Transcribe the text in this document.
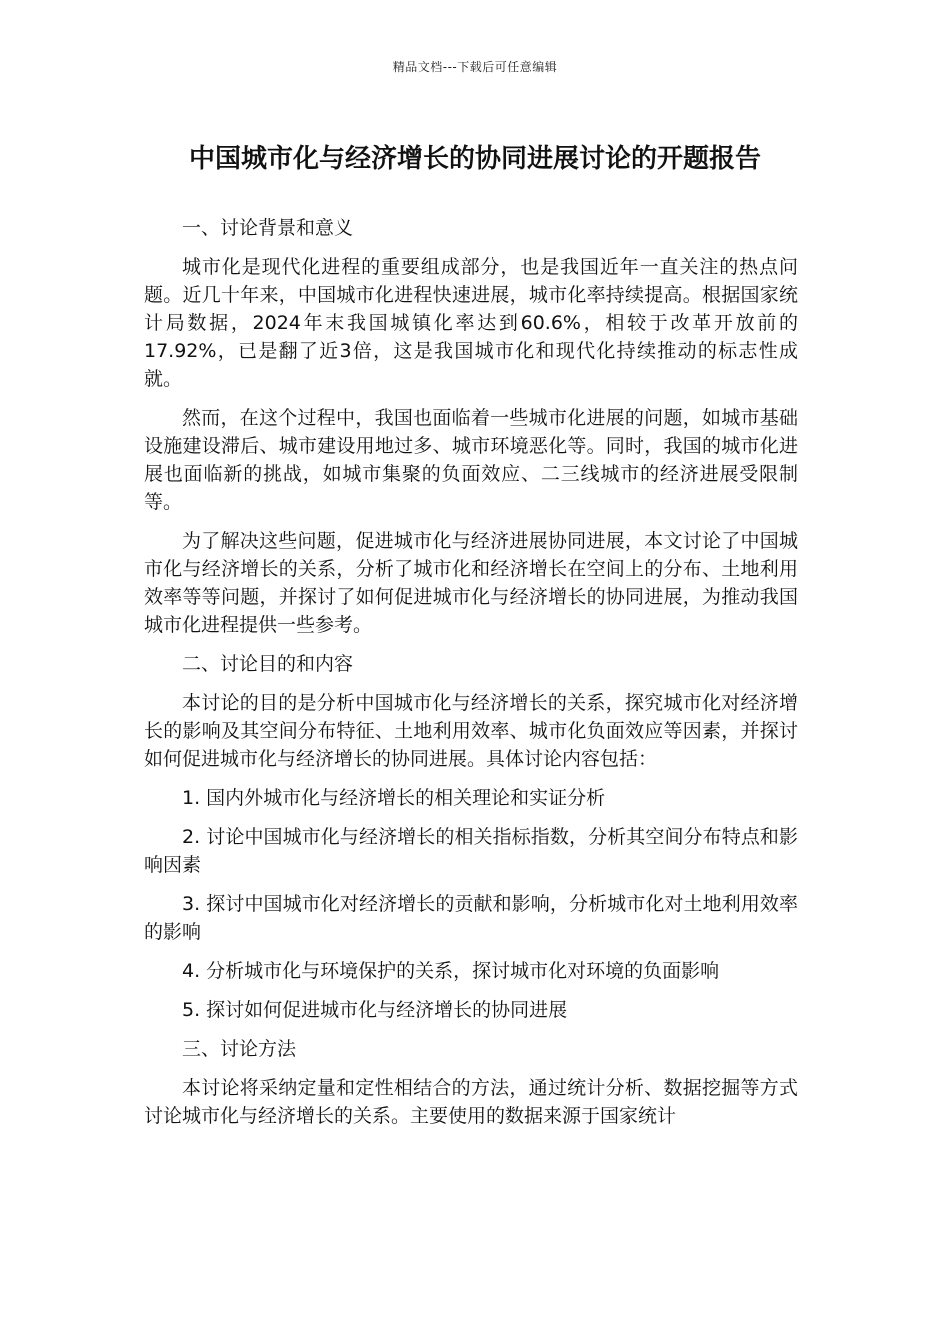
精品文档---下载后可任意编辑
中国城市化与经济增长的协同进展讨论的开题报告

一、讨论背景和意义

城市化是现代化进程的重要组成部分，也是我国近年一直关注的热点问题。近几十年来，中国城市化进程快速进展，城市化率持续提高。根据国家统计局数据，2024年末我国城镇化率达到60.6%，相较于改革开放前的17.92%，已是翻了近3倍，这是我国城市化和现代化持续推动的标志性成就。

然而，在这个过程中，我国也面临着一些城市化进展的问题，如城市基础设施建设滞后、城市建设用地过多、城市环境恶化等。同时，我国的城市化进展也面临新的挑战，如城市集聚的负面效应、二三线城市的经济进展受限制等。

为了解决这些问题，促进城市化与经济进展协同进展，本文讨论了中国城市化与经济增长的关系，分析了城市化和经济增长在空间上的分布、土地利用效率等等问题，并探讨了如何促进城市化与经济增长的协同进展，为推动我国城市化进程提供一些参考。

二、讨论目的和内容

本讨论的目的是分析中国城市化与经济增长的关系，探究城市化对经济增长的影响及其空间分布特征、土地利用效率、城市化负面效应等因素，并探讨如何促进城市化与经济增长的协同进展。具体讨论内容包括：

1. 国内外城市化与经济增长的相关理论和实证分析

2. 讨论中国城市化与经济增长的相关指标指数，分析其空间分布特点和影响因素

3. 探讨中国城市化对经济增长的贡献和影响，分析城市化对土地利用效率的影响

4. 分析城市化与环境保护的关系，探讨城市化对环境的负面影响

5. 探讨如何促进城市化与经济增长的协同进展

三、讨论方法

本讨论将采纳定量和定性相结合的方法，通过统计分析、数据挖掘等方式讨论城市化与经济增长的关系。主要使用的数据来源于国家统计
